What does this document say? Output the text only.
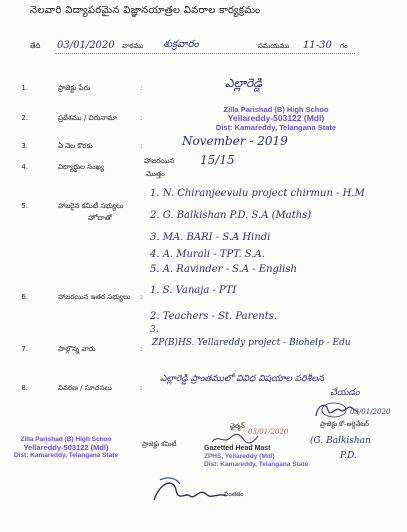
నెలవారి విద్యాపరమైన విజ్ఞానయాత్రల వివరాల కార్యక్రమం
తేది 03/01/2020 వారము శుక్రవారం	సమయము 11-30 గం
1.	ప్రాజెక్టు పేరు	:	ఎల్లారెడ్డి
2.	ప్రదేశము / చిరునామా	:
Zilla Parishad (B) High Schoo
Yellareddy-503122 (Mdl)
Dist: Kamareddy, Telangana State
3.	ఏ నెల కొరకు	:	November - 2019
4.	విద్యార్థుల సంఖ్య
హాజరయిన
మొత్తం
15/15
5.	హాజరైన కమిటీ సభ్యులు
హోదాతో
1. N. Chiranjeevulu project chirmun - H.M
2. G. Balkishan P.D. S.A (Maths)
3. MA. BARI - S.A Hindi
4. A. Murali - TPT. S.A.
5. A. Ravinder - S.A - English
6.	హాజరయిన ఇతర సభ్యులు :
1. S. Vanaja - PTI
2. Teachers - St. Parents.
3.
7.	పాల్గొన్న వారు	:
ZP(B)HS. Yellareddy project - Biohelp - Edu
8.	వివరణ / సూచనలు	:
ఎల్లారెడ్డి ప్రాంతములో వివిధ విషయాల పరిశీలన
చేయడం
Zilla Parishad (B) High Schoo
Yellareddy-503122 (Mdl)
Dist: Kamareddy, Telangana State
ప్రాజెక్టు కమిటీ
ఛైర్మన్
03/01/2020
Gazetted Head Mast
ZPHS, Yellareddy (Mdl)
Dist: Kamareddy, Telangana State
ప్రాజెక్టు కో-ఆర్డినేటర్
03/01/2020
(G. Balkishan
P.D.
సంతకం
